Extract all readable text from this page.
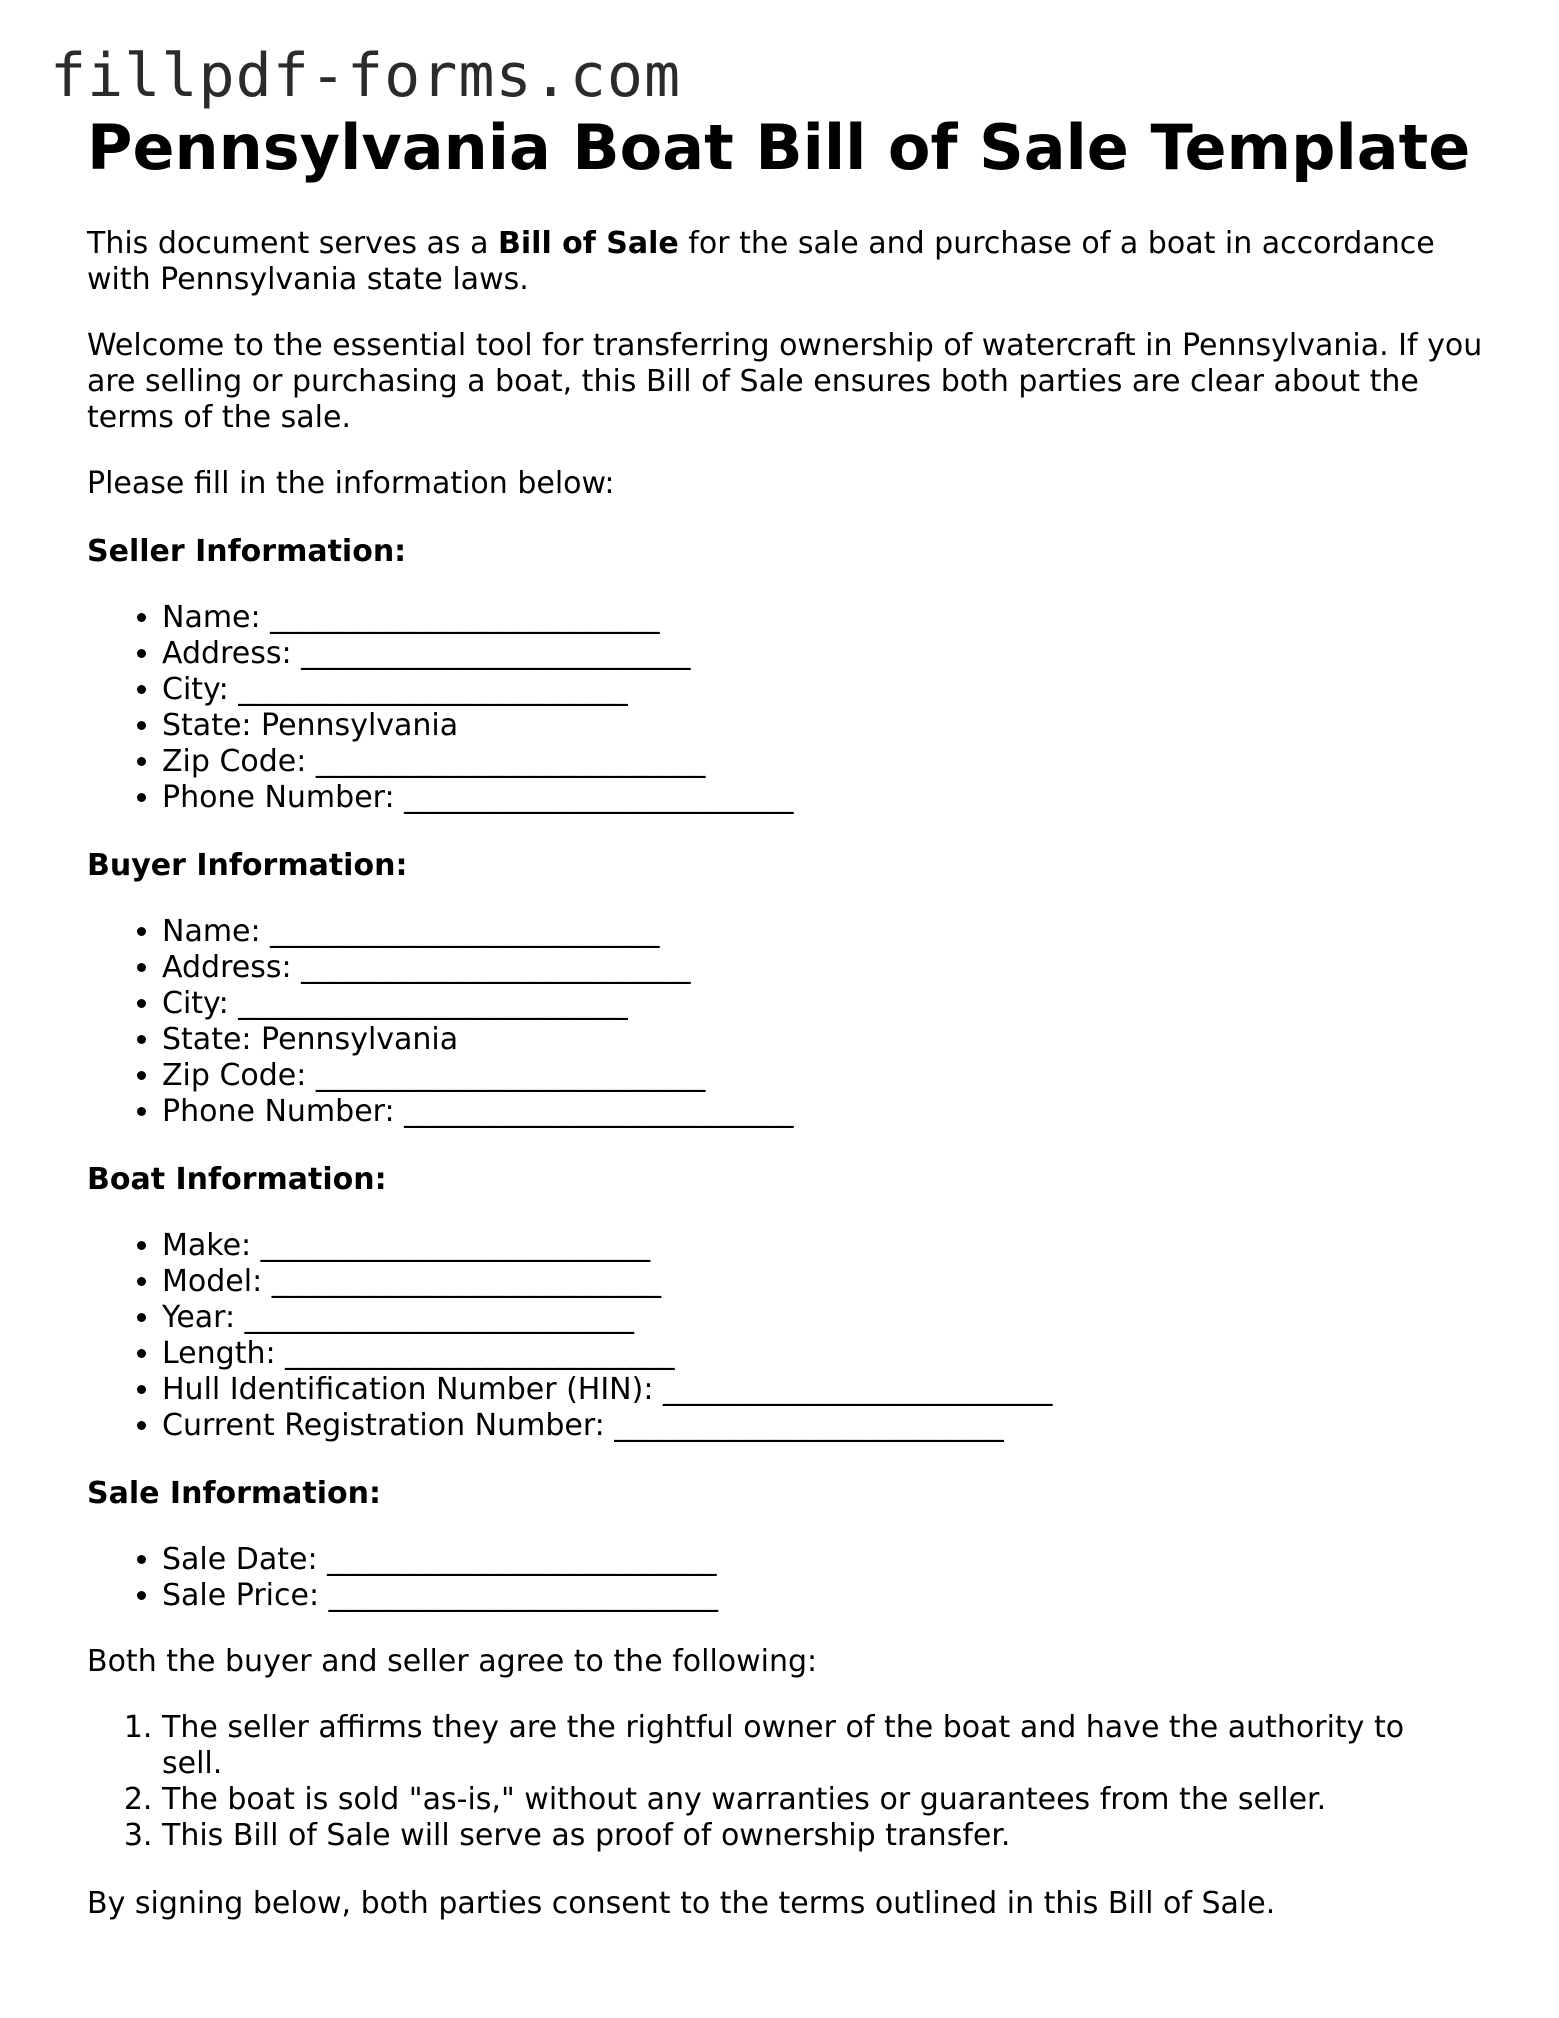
fillpdf-forms.com
Pennsylvania Boat Bill of Sale Template

This document serves as a Bill of Sale for the sale and purchase of a boat in accordance with Pennsylvania state laws.

Welcome to the essential tool for transferring ownership of watercraft in Pennsylvania. If you are selling or purchasing a boat, this Bill of Sale ensures both parties are clear about the terms of the sale.

Please fill in the information below:

Seller Information:

• Name: ___________________________
• Address: ___________________________
• City: ___________________________
• State: Pennsylvania
• Zip Code: ___________________________
• Phone Number: ___________________________

Buyer Information:

• Name: ___________________________
• Address: ___________________________
• City: ___________________________
• State: Pennsylvania
• Zip Code: ___________________________
• Phone Number: ___________________________

Boat Information:

• Make: ___________________________
• Model: ___________________________
• Year: ___________________________
• Length: ___________________________
• Hull Identification Number (HIN): ___________________________
• Current Registration Number: ___________________________

Sale Information:

• Sale Date: ___________________________
• Sale Price: ___________________________

Both the buyer and seller agree to the following:

1. The seller affirms they are the rightful owner of the boat and have the authority to sell.
2. The boat is sold "as-is," without any warranties or guarantees from the seller.
3. This Bill of Sale will serve as proof of ownership transfer.

By signing below, both parties consent to the terms outlined in this Bill of Sale.
